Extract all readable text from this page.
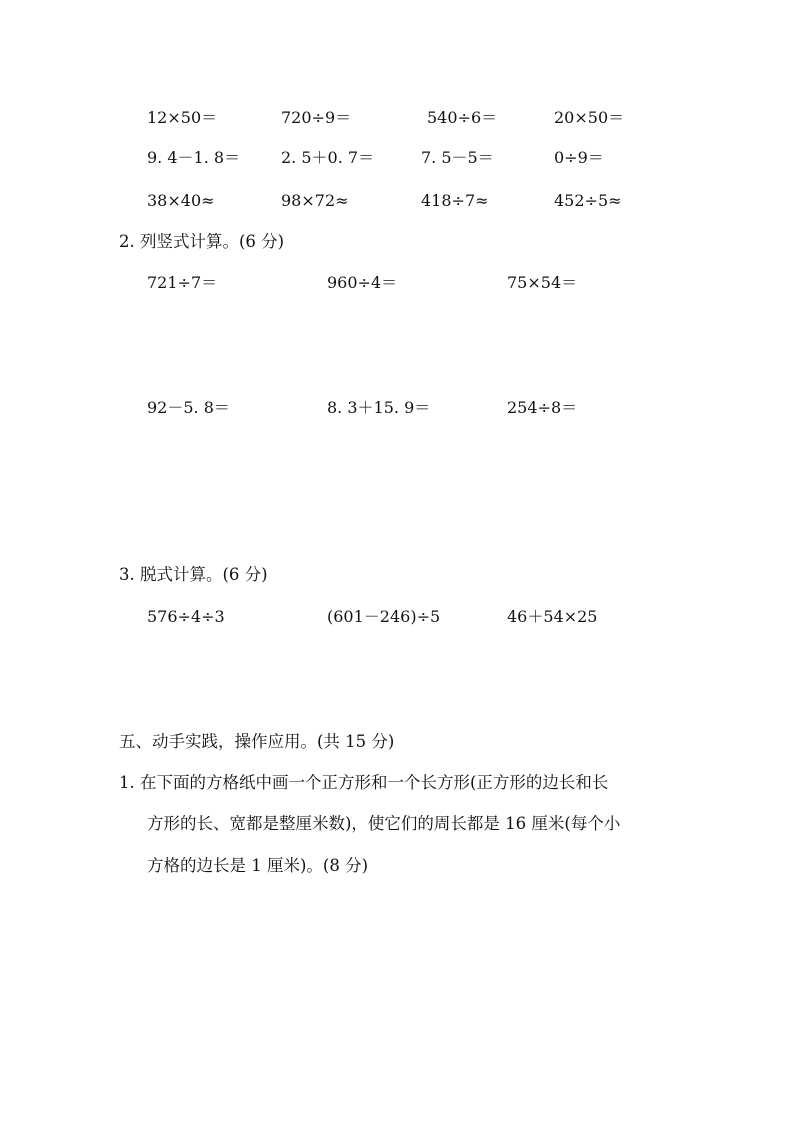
12×50＝	720÷9＝	540÷6＝	20×50＝
9. 4－1. 8＝	2. 5＋0. 7＝	7. 5－5＝	0÷9＝
38×40≈	98×72≈	418÷7≈	452÷5≈
2. 列竖式计算。(6 分)
721÷7＝	960÷4＝	75×54＝
92－5. 8＝	8. 3＋15. 9＝	254÷8＝
3. 脱式计算。(6 分)
576÷4÷3	(601－246)÷5	46＋54×25
五、动手实践，操作应用。(共 15 分)
1. 在下面的方格纸中画一个正方形和一个长方形(正方形的边长和长
方形的长、宽都是整厘米数)，使它们的周长都是 16 厘米(每个小
方格的边长是 1 厘米)。(8 分)
